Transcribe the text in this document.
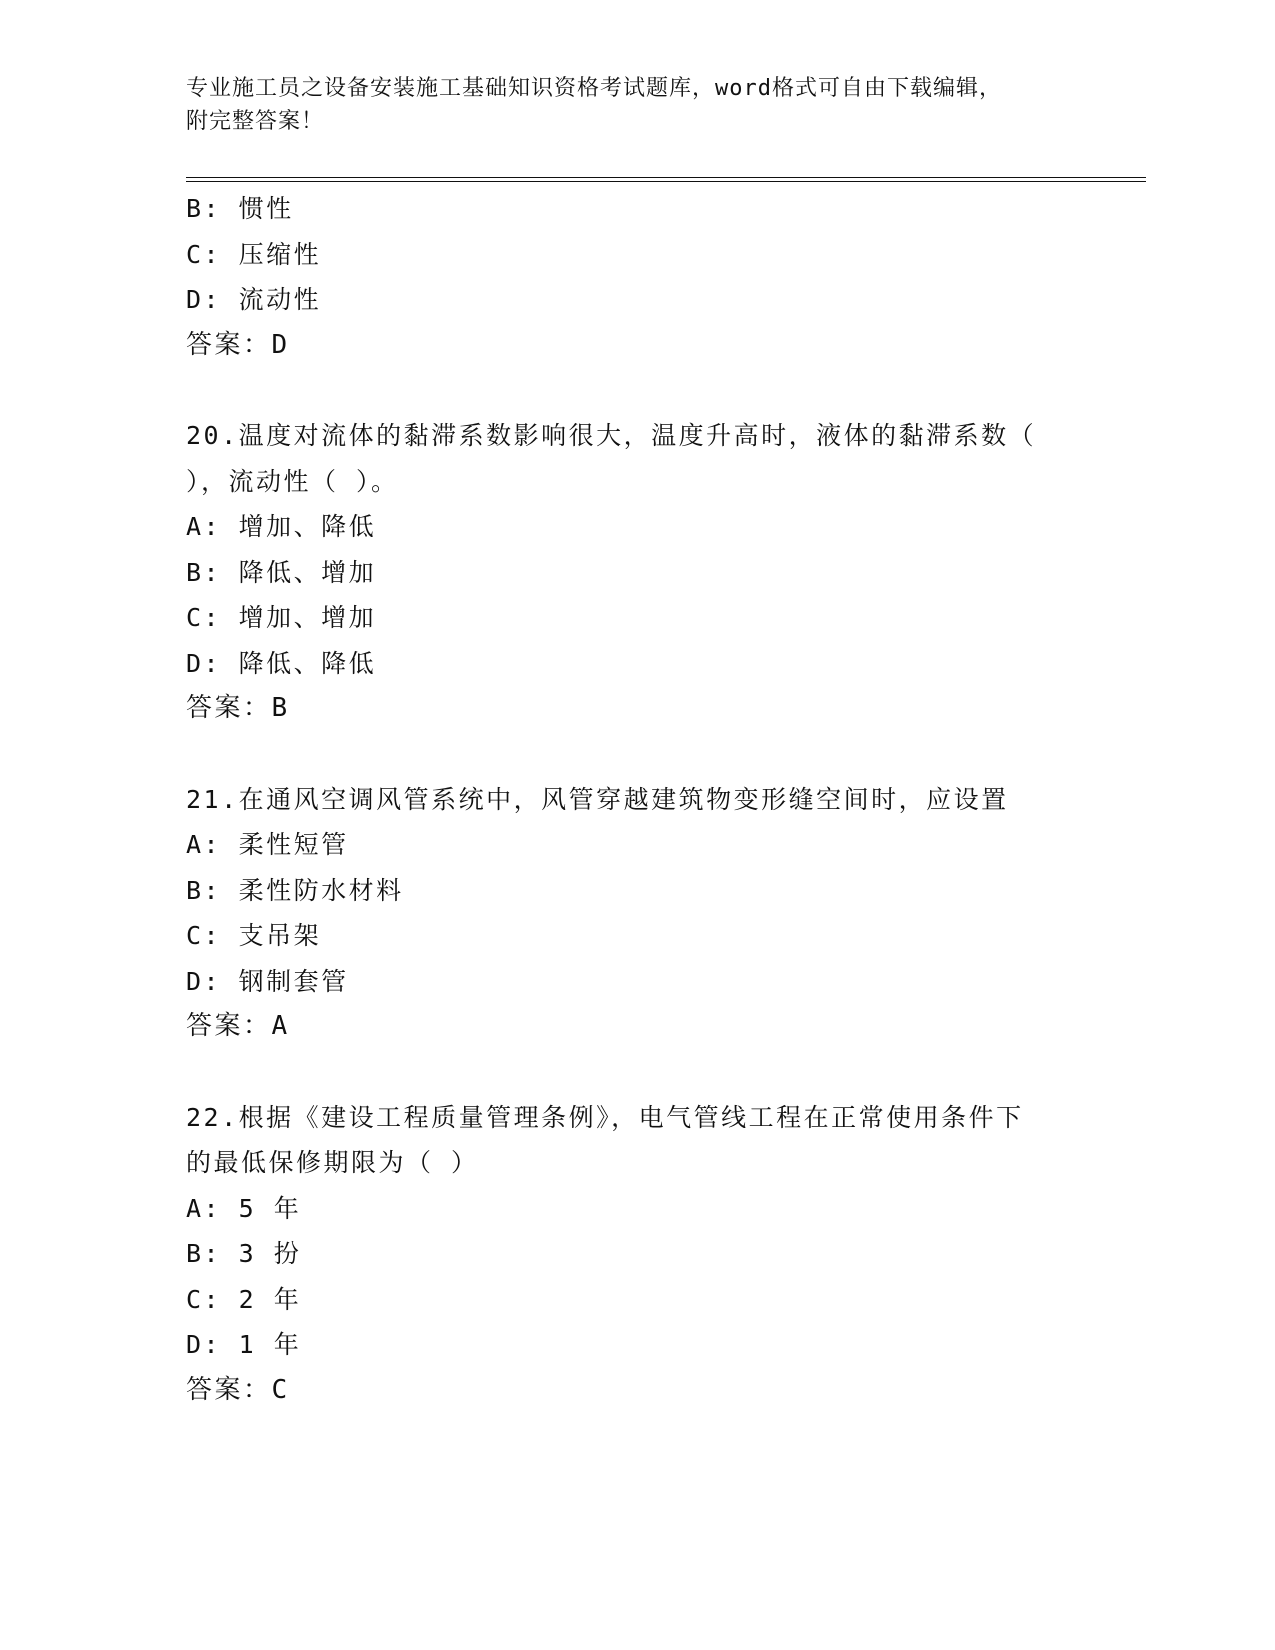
专业施工员之设备安装施工基础知识资格考试题库，word格式可自由下载编辑，
附完整答案！
B: 惯性
C: 压缩性
D: 流动性
答案：D
20.温度对流体的黏滞系数影响很大，温度升高时，液体的黏滞系数（
），流动性（ ）。
A: 增加、降低
B: 降低、增加
C: 增加、增加
D: 降低、降低
答案：B
21.在通风空调风管系统中，风管穿越建筑物变形缝空间时，应设置
A: 柔性短管
B: 柔性防水材料
C: 支吊架
D: 钢制套管
答案：A
22.根据《建设工程质量管理条例》，电气管线工程在正常使用条件下
的最低保修期限为（ ）
A: 5 年
B: 3 扮
C: 2 年
D: 1 年
答案：C
